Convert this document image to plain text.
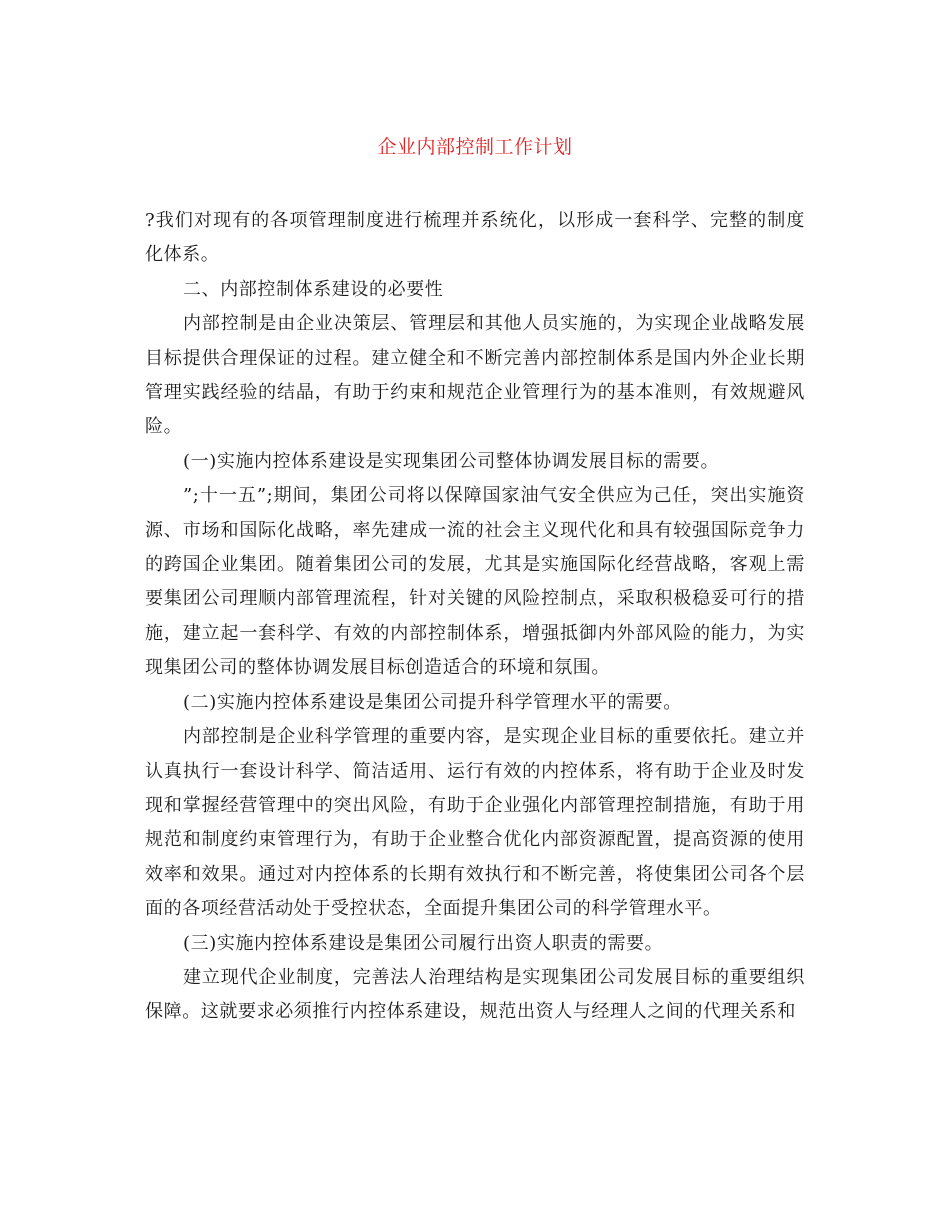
企业内部控制工作计划

?我们对现有的各项管理制度进行梳理并系统化，以形成一套科学、完整的制度化体系。

二、内部控制体系建设的必要性

内部控制是由企业决策层、管理层和其他人员实施的，为实现企业战略发展目标提供合理保证的过程。建立健全和不断完善内部控制体系是国内外企业长期管理实践经验的结晶，有助于约束和规范企业管理行为的基本准则，有效规避风险。

(一)实施内控体系建设是实现集团公司整体协调发展目标的需要。

”;十一五”;期间，集团公司将以保障国家油气安全供应为己任，突出实施资源、市场和国际化战略，率先建成一流的社会主义现代化和具有较强国际竞争力的跨国企业集团。随着集团公司的发展，尤其是实施国际化经营战略，客观上需要集团公司理顺内部管理流程，针对关键的风险控制点，采取积极稳妥可行的措施，建立起一套科学、有效的内部控制体系，增强抵御内外部风险的能力，为实现集团公司的整体协调发展目标创造适合的环境和氛围。

(二)实施内控体系建设是集团公司提升科学管理水平的需要。

内部控制是企业科学管理的重要内容，是实现企业目标的重要依托。建立并认真执行一套设计科学、简洁适用、运行有效的内控体系，将有助于企业及时发现和掌握经营管理中的突出风险，有助于企业强化内部管理控制措施，有助于用规范和制度约束管理行为，有助于企业整合优化内部资源配置，提高资源的使用效率和效果。通过对内控体系的长期有效执行和不断完善，将使集团公司各个层面的各项经营活动处于受控状态，全面提升集团公司的科学管理水平。

(三)实施内控体系建设是集团公司履行出资人职责的需要。

建立现代企业制度，完善法人治理结构是实现集团公司发展目标的重要组织保障。这就要求必须推行内控体系建设，规范出资人与经理人之间的代理关系和
